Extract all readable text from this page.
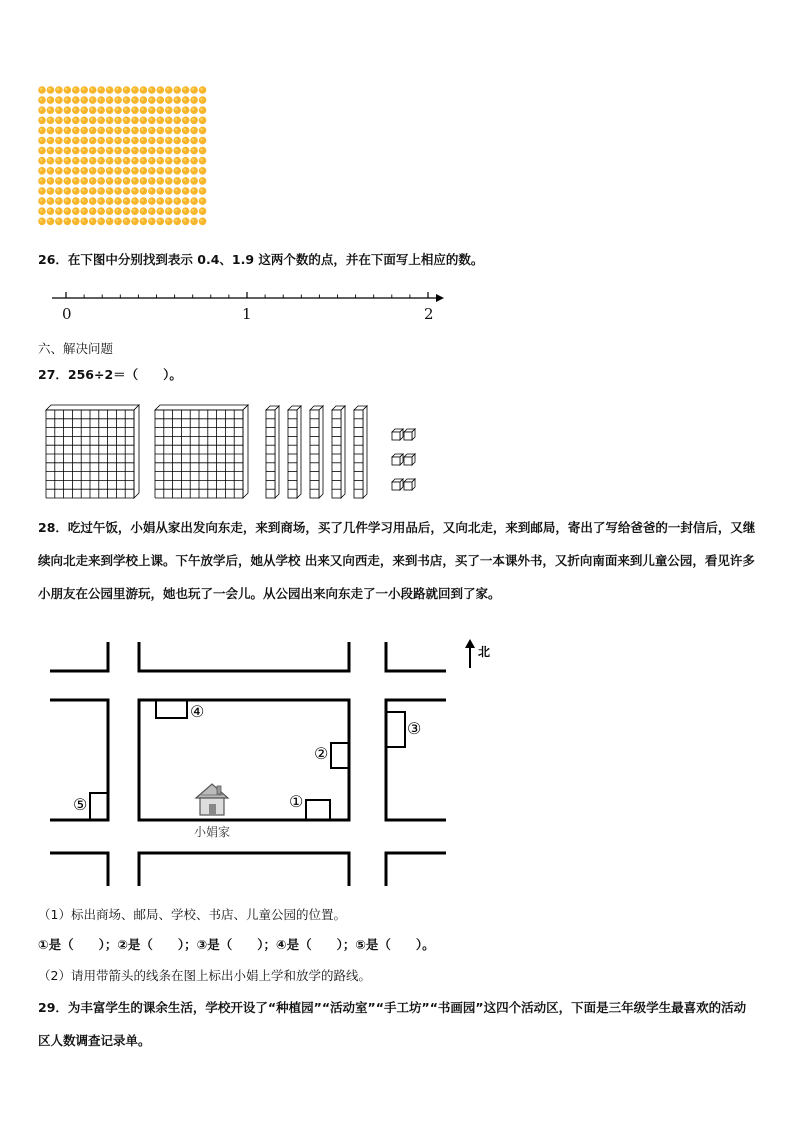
26．在下图中分别找到表示 0.4、1.9 这两个数的点，并在下面写上相应的数。
0	1	2
六、解决问题
27．256÷2＝（　　）。
28．吃过午饭，小娟从家出发向东走，来到商场，买了几件学习用品后，又向北走，来到邮局，寄出了写给爸爸的一封信后，又继续向北走来到学校上课。下午放学后，她从学校 出来又向西走，来到书店，买了一本课外书，又折向南面来到儿童公园，看见许多小朋友在公园里游玩，她也玩了一会儿。从公园出来向东走了一小段路就回到了家。
北
①
②
③
④
⑤
小娟家
（1）标出商场、邮局、学校、书店、儿童公园的位置。
①是（　　）；②是（　　）；③是（　　）；④是（　　）；⑤是（　　）。
（2）请用带箭头的线条在图上标出小娟上学和放学的路线。
29．为丰富学生的课余生活，学校开设了“种植园”“活动室”“手工坊”“书画园”这四个活动区，下面是三年级学生最喜欢的活动区人数调查记录单。
